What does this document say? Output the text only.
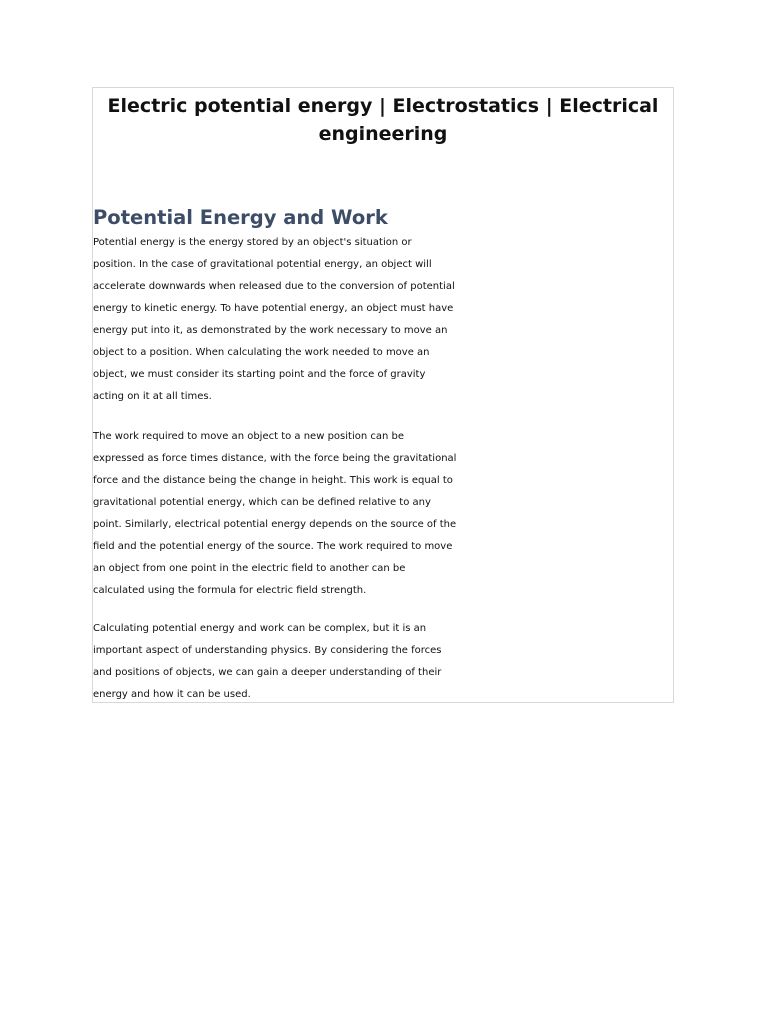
Electric potential energy | Electrostatics | Electrical
engineering
Potential Energy and Work

Potential energy is the energy stored by an object's situation or
position. In the case of gravitational potential energy, an object will
accelerate downwards when released due to the conversion of potential
energy to kinetic energy. To have potential energy, an object must have
energy put into it, as demonstrated by the work necessary to move an
object to a position. When calculating the work needed to move an
object, we must consider its starting point and the force of gravity
acting on it at all times.

The work required to move an object to a new position can be
expressed as force times distance, with the force being the gravitational
force and the distance being the change in height. This work is equal to
gravitational potential energy, which can be defined relative to any
point. Similarly, electrical potential energy depends on the source of the
field and the potential energy of the source. The work required to move
an object from one point in the electric field to another can be
calculated using the formula for electric field strength.

Calculating potential energy and work can be complex, but it is an
important aspect of understanding physics. By considering the forces
and positions of objects, we can gain a deeper understanding of their
energy and how it can be used.
